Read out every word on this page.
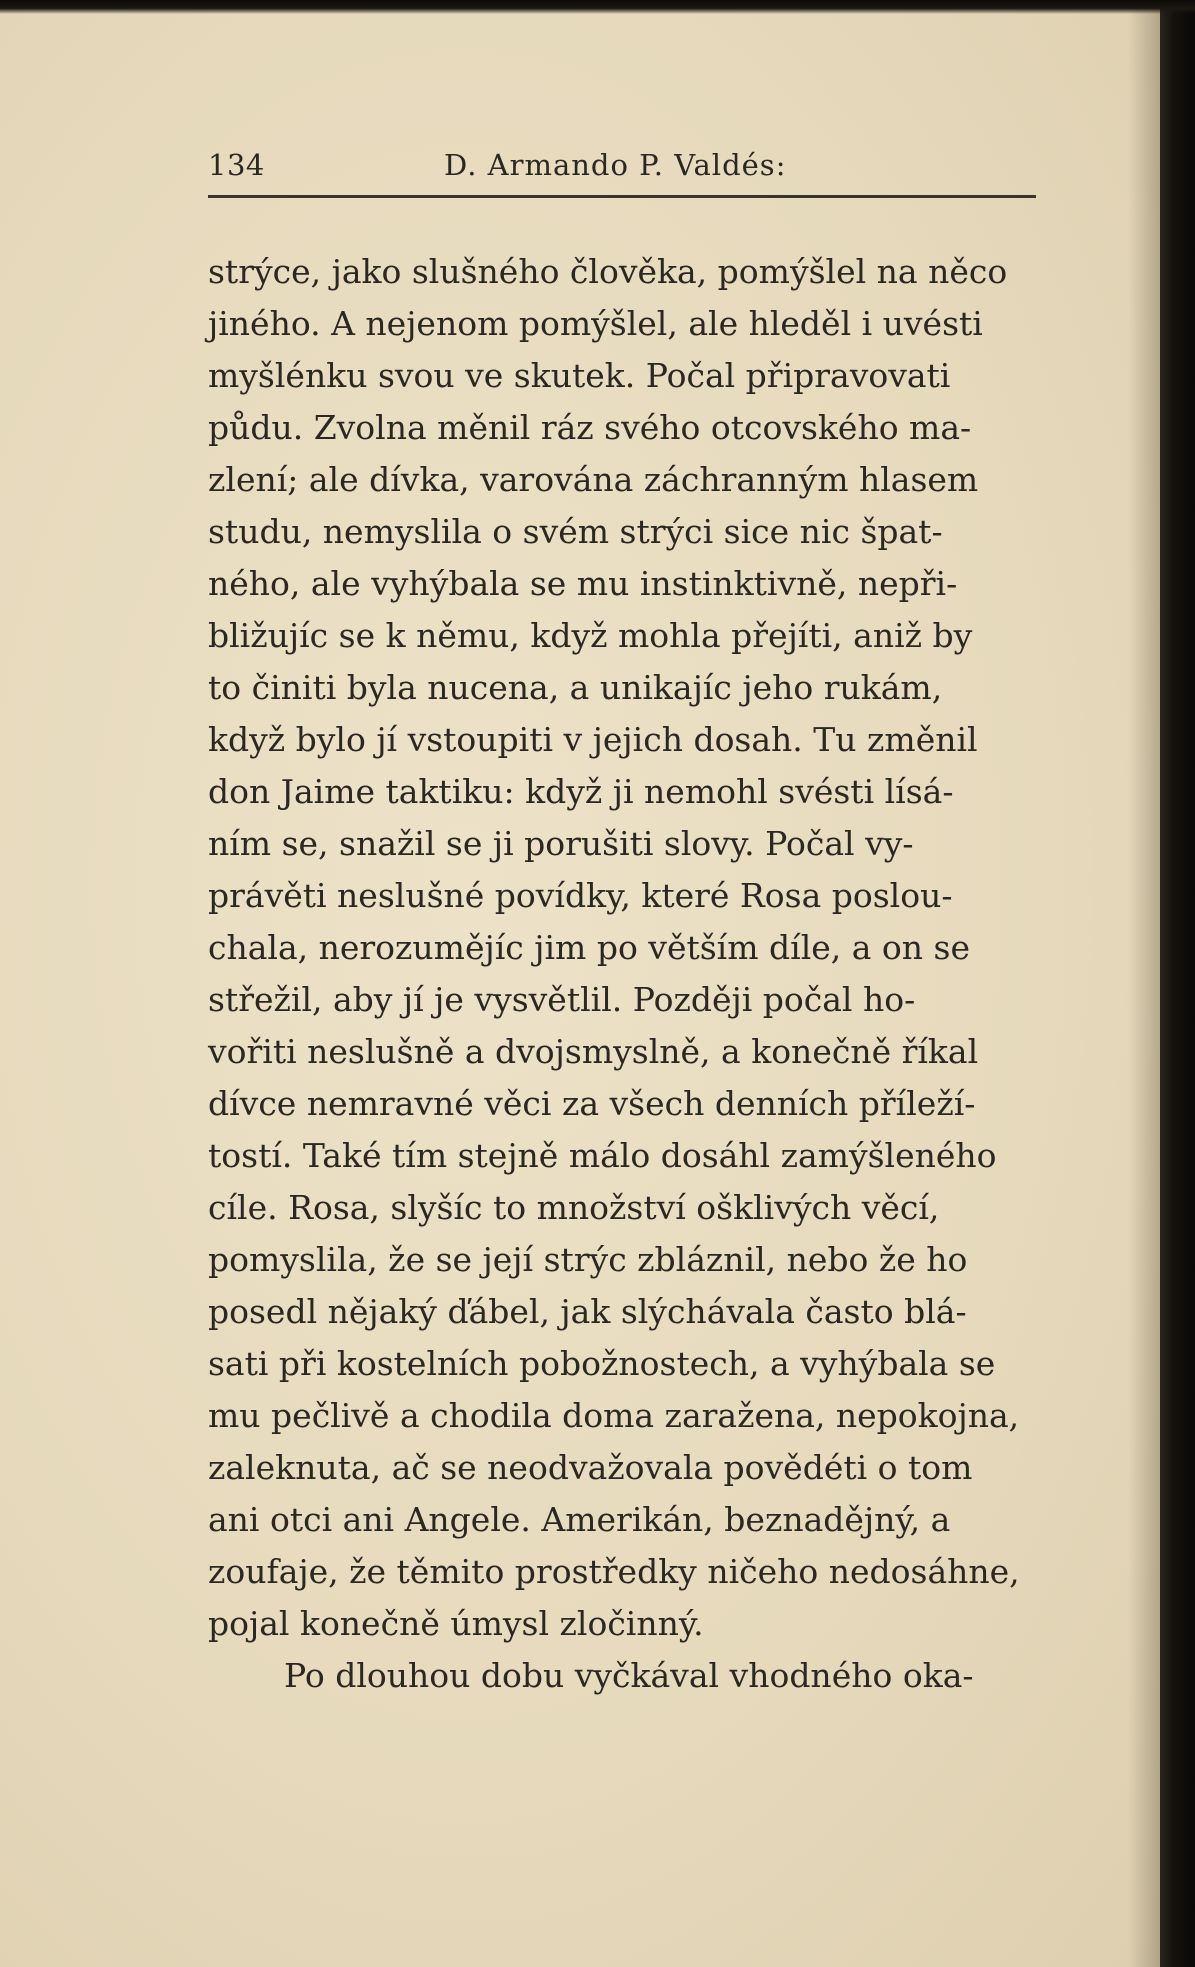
134	D. Armando P. Valdés:
strýce, jako slušného člověka, pomýšlel na něco
jiného. A nejenom pomýšlel, ale hleděl i uvésti
myšlénku svou ve skutek. Počal připravovati
půdu. Zvolna měnil ráz svého otcovského ma-
zlení; ale dívka, varována záchranným hlasem
studu, nemyslila o svém strýci sice nic špat-
ného, ale vyhýbala se mu instinktivně, nepři-
bližujíc se k němu, když mohla přejíti, aniž by
to činiti byla nucena, a unikajíc jeho rukám,
když bylo jí vstoupiti v jejich dosah. Tu změnil
don Jaime taktiku: když ji nemohl svésti lísá-
ním se, snažil se ji porušiti slovy. Počal vy-
právěti neslušné povídky, které Rosa poslou-
chala, nerozumějíc jim po větším díle, a on se
střežil, aby jí je vysvětlil. Později počal ho-
vořiti neslušně a dvojsmyslně, a konečně říkal
dívce nemravné věci za všech denních příleží-
tostí. Také tím stejně málo dosáhl zamýšleného
cíle. Rosa, slyšíc to množství ošklivých věcí,
pomyslila, že se její strýc zbláznil, nebo že ho
posedl nějaký ďábel, jak slýchávala často blá-
sati při kostelních pobožnostech, a vyhýbala se
mu pečlivě a chodila doma zaražena, nepokojna,
zaleknuta, ač se neodvažovala povědéti o tom
ani otci ani Angele. Amerikán, beznadějný, a
zoufaje, že těmito prostředky ničeho nedosáhne,
pojal konečně úmysl zločinný.
Po dlouhou dobu vyčkával vhodného oka-
